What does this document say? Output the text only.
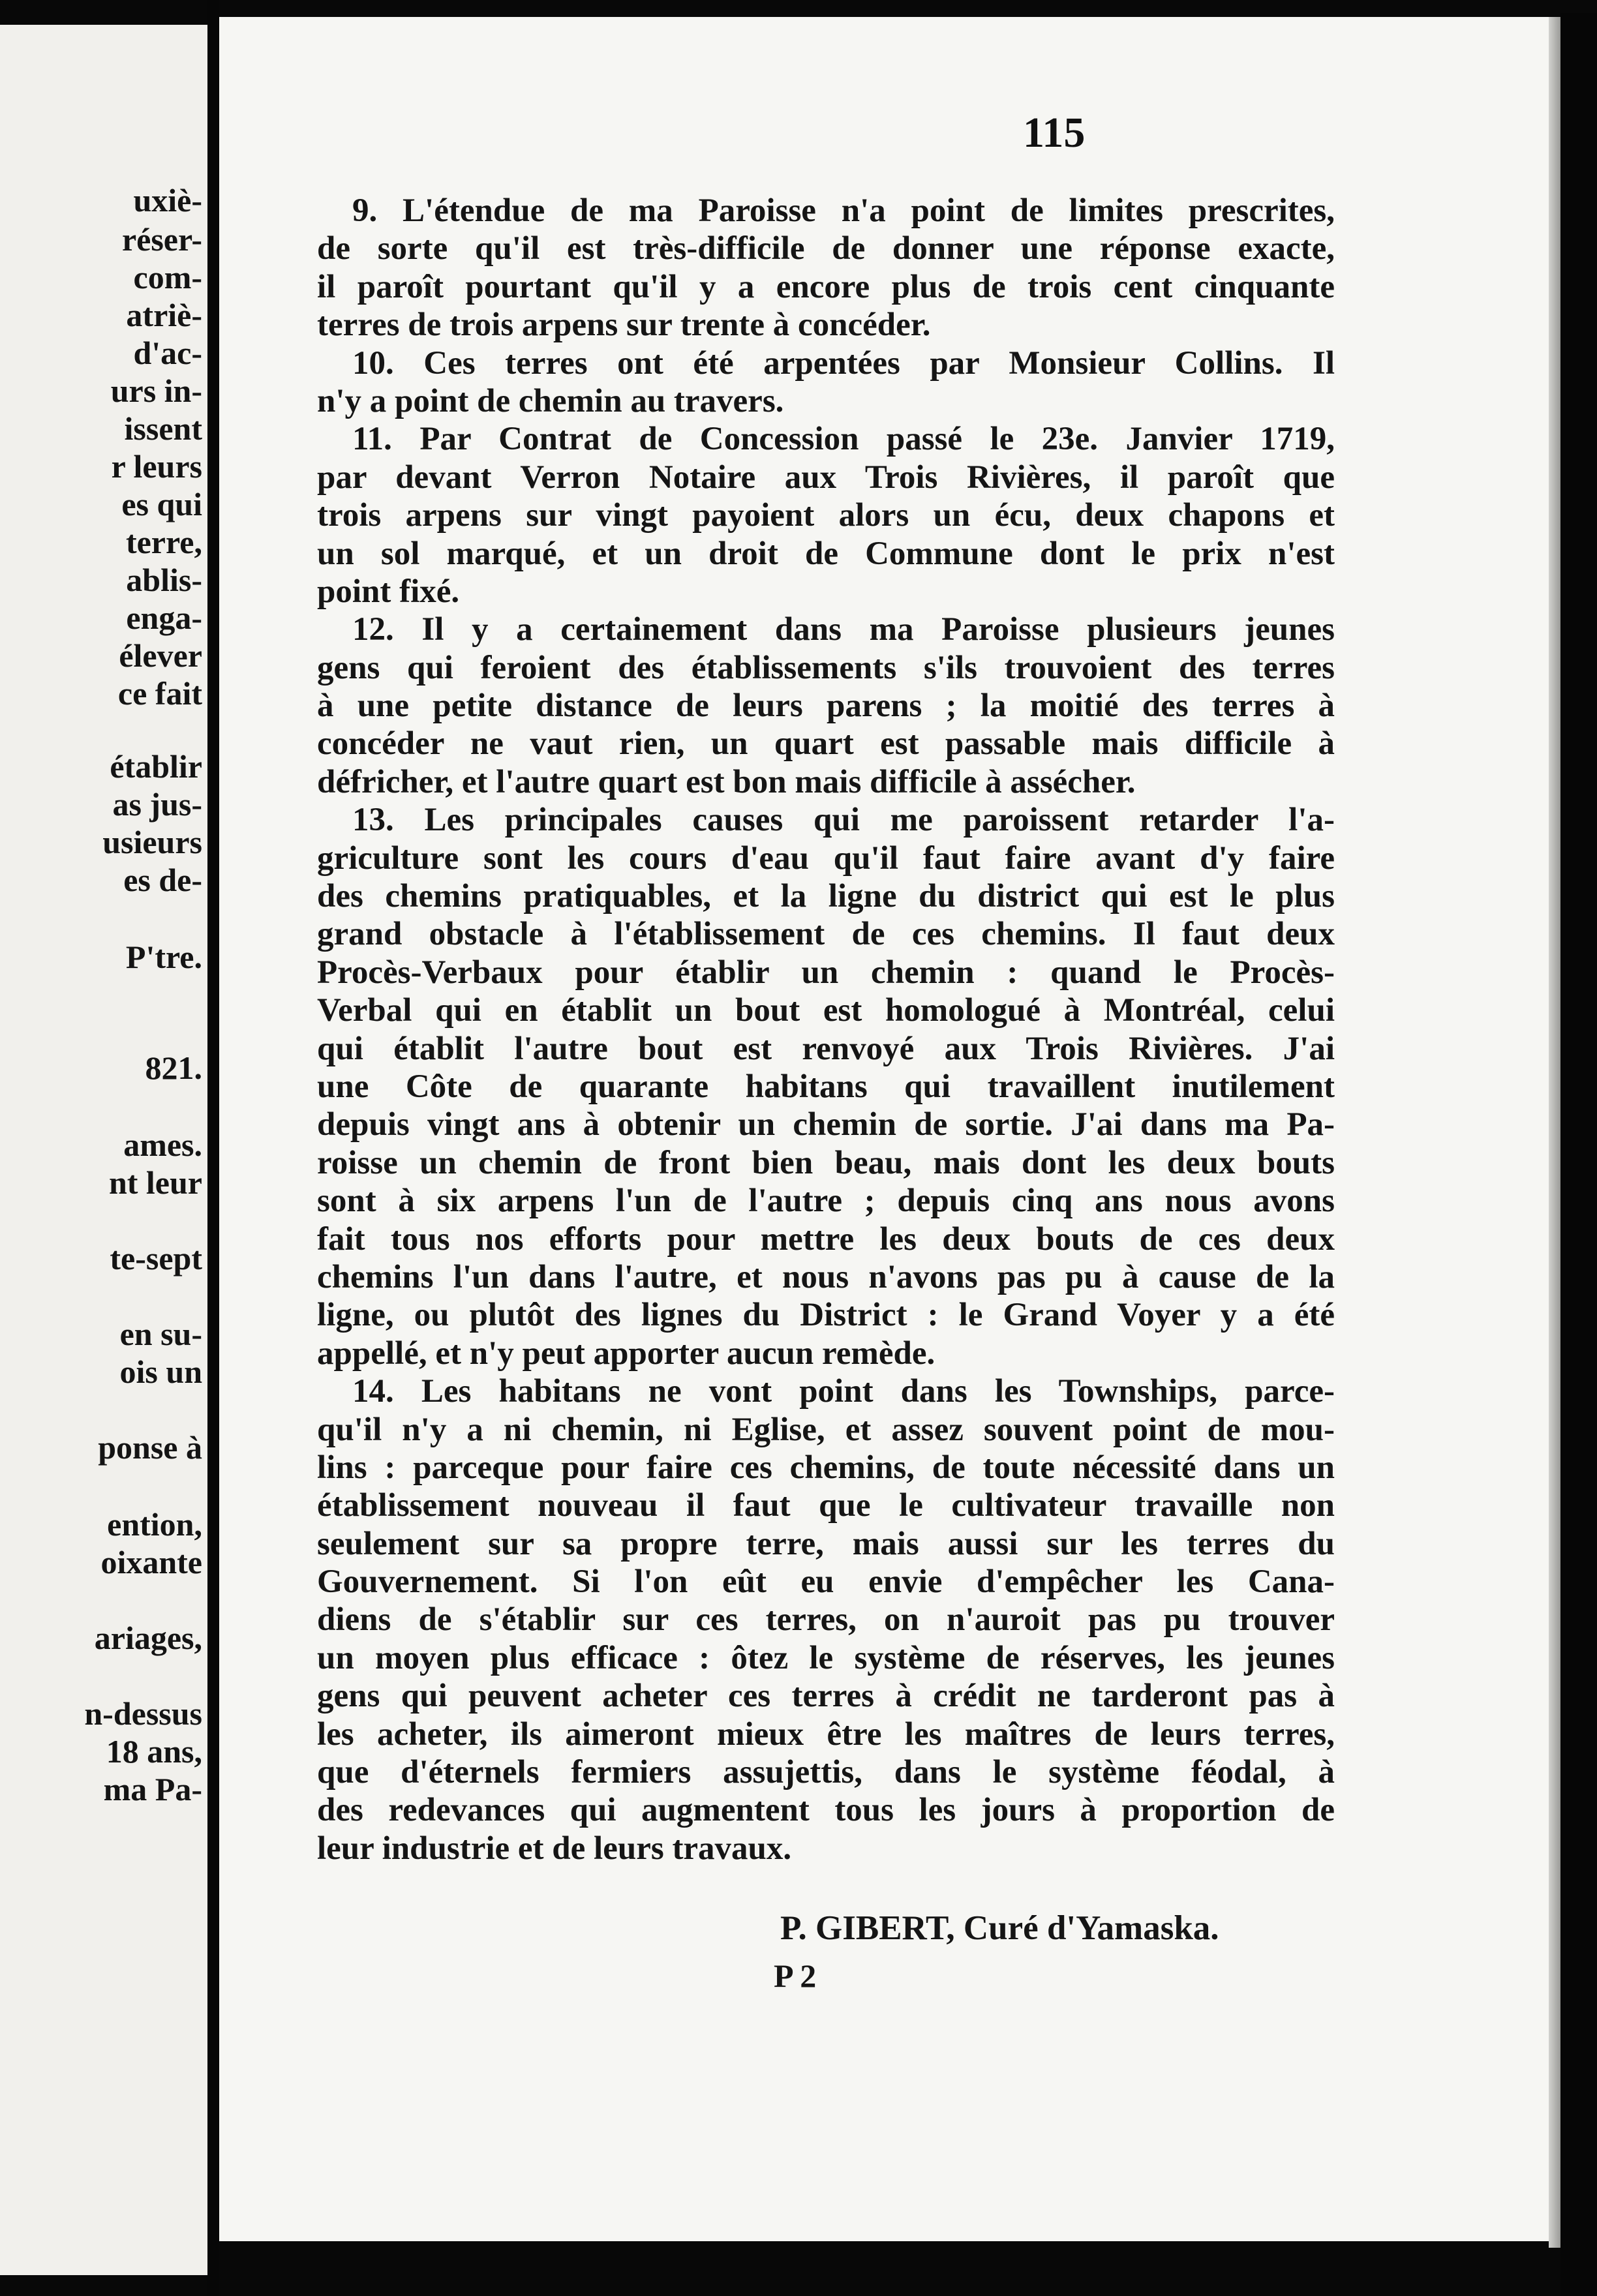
uxiè-
réser-
com-
atriè-
d'ac-
urs in-
issent
r leurs
es qui
terre,
ablis-
enga-
élever
ce fait
établir
as jus-
usieurs
es de-
P'tre.
821.
ames.
nt leur
te-sept
en su-
ois un
ponse à
ention,
oixante
ariages,
n-dessus
18 ans,
ma Pa-
115
9. L'étendue de ma Paroisse n'a point de limites prescrites,
de sorte qu'il est très-difficile de donner une réponse exacte,
il paroît pourtant qu'il y a encore plus de trois cent cinquante
terres de trois arpens sur trente à concéder.
10. Ces terres ont été arpentées par Monsieur Collins. Il
n'y a point de chemin au travers.
11. Par Contrat de Concession passé le 23e. Janvier 1719,
par devant Verron Notaire aux Trois Rivières, il paroît que
trois arpens sur vingt payoient alors un écu, deux chapons et
un sol marqué, et un droit de Commune dont le prix n'est
point fixé.
12. Il y a certainement dans ma Paroisse plusieurs jeunes
gens qui feroient des établissements s'ils trouvoient des terres
à une petite distance de leurs parens ; la moitié des terres à
concéder ne vaut rien, un quart est passable mais difficile à
défricher, et l'autre quart est bon mais difficile à assécher.
13. Les principales causes qui me paroissent retarder l'a-
griculture sont les cours d'eau qu'il faut faire avant d'y faire
des chemins pratiquables, et la ligne du district qui est le plus
grand obstacle à l'établissement de ces chemins. Il faut deux
Procès-Verbaux pour établir un chemin : quand le Procès-
Verbal qui en établit un bout est homologué à Montréal, celui
qui établit l'autre bout est renvoyé aux Trois Rivières. J'ai
une Côte de quarante habitans qui travaillent inutilement
depuis vingt ans à obtenir un chemin de sortie. J'ai dans ma Pa-
roisse un chemin de front bien beau, mais dont les deux bouts
sont à six arpens l'un de l'autre ; depuis cinq ans nous avons
fait tous nos efforts pour mettre les deux bouts de ces deux
chemins l'un dans l'autre, et nous n'avons pas pu à cause de la
ligne, ou plutôt des lignes du District : le Grand Voyer y a été
appellé, et n'y peut apporter aucun remède.
14. Les habitans ne vont point dans les Townships, parce-
qu'il n'y a ni chemin, ni Eglise, et assez souvent point de mou-
lins : parceque pour faire ces chemins, de toute nécessité dans un
établissement nouveau il faut que le cultivateur travaille non
seulement sur sa propre terre, mais aussi sur les terres du
Gouvernement. Si l'on eût eu envie d'empêcher les Cana-
diens de s'établir sur ces terres, on n'auroit pas pu trouver
un moyen plus efficace : ôtez le système de réserves, les jeunes
gens qui peuvent acheter ces terres à crédit ne tarderont pas à
les acheter, ils aimeront mieux être les maîtres de leurs terres,
que d'éternels fermiers assujettis, dans le système féodal, à
des redevances qui augmentent tous les jours à proportion de
leur industrie et de leurs travaux.
P. GIBERT, Curé d'Yamaska.
P 2
